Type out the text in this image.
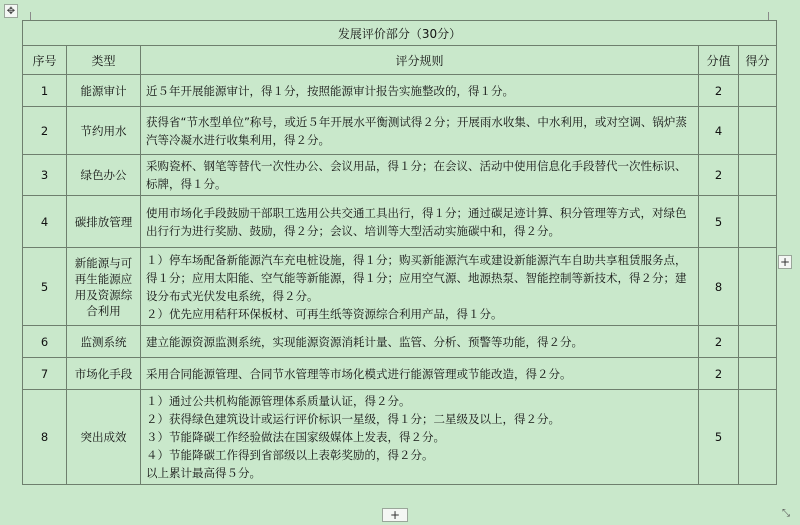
✥
发展评价部分（30分）				
序号	类型	评分规则	分值	得分
1	能源审计	近５年开展能源审计，得１分，按照能源审计报告实施整改的，得１分。	2	
2	节约用水	获得省“节水型单位”称号，或近５年开展水平衡测试得２分；开展雨水收集、中水利用，或对空调、锅炉蒸汽等冷凝水进行收集利用，得２分。	4	
3	绿色办公	采购瓷杯、钢笔等替代一次性办公、会议用品，得１分；在会议、活动中使用信息化手段替代一次性标识、标牌，得１分。	2	
4	碳排放管理	使用市场化手段鼓励干部职工选用公共交通工具出行，得１分；通过碳足迹计算、积分管理等方式，对绿色出行行为进行奖励、鼓励，得２分；会议、培训等大型活动实施碳中和，得２分。	5	
5	新能源与可再生能源应用及资源综合利用	１）停车场配备新能源汽车充电桩设施，得１分；购买新能源汽车或建设新能源汽车自助共享租赁服务点，得１分；应用太阳能、空气能等新能源，得１分；应用空气源、地源热泵、智能控制等新技术，得２分；建设分布式光伏发电系统，得２分。
２）优先应用秸秆环保板材、可再生纸等资源综合利用产品，得１分。	8	
6	监测系统	建立能源资源监测系统，实现能源资源消耗计量、监管、分析、预警等功能，得２分。	2	
7	市场化手段	采用合同能源管理、合同节水管理等市场化模式进行能源管理或节能改造，得２分。	2	
8	突出成效	１）通过公共机构能源管理体系质量认证，得２分。
２）获得绿色建筑设计或运行评价标识一星级，得１分；二星级及以上，得２分。
３）节能降碳工作经验做法在国家级媒体上发表，得２分。
４）节能降碳工作得到省部级以上表彰奖励的，得２分。
以上累计最高得５分。	5	
+
+	⤡
